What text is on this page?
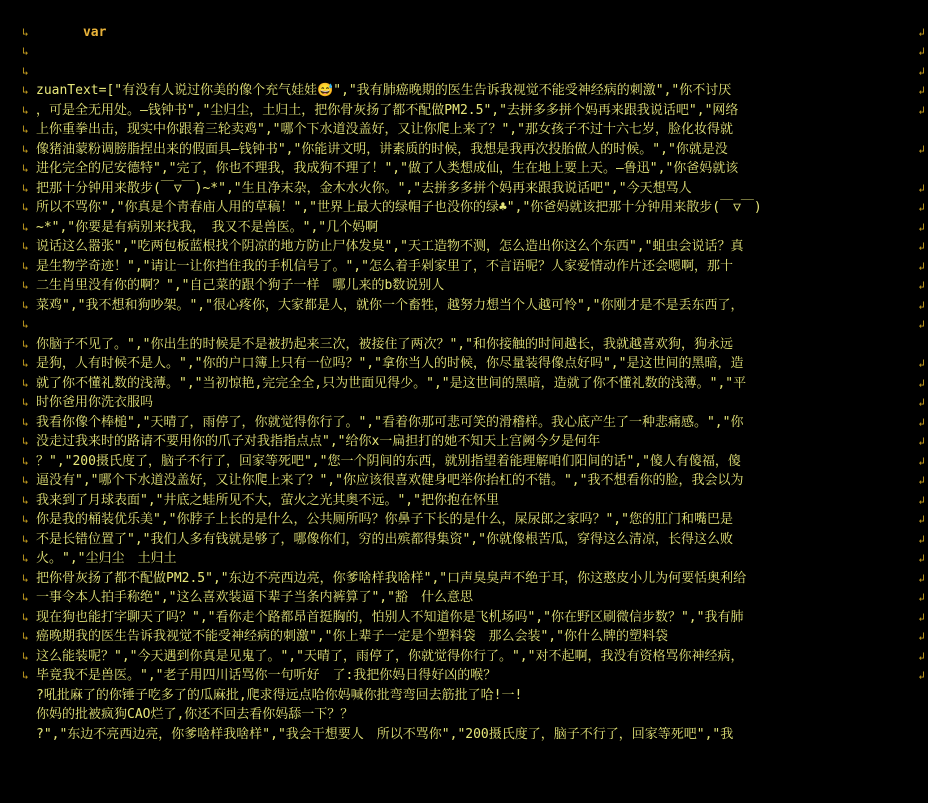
var

↳

zuanText=["有没有人说过你美的像个充气娃娃😅","我有肺癌晚期的医生告诉我视觉不能受神经病的刺激","你不讨厌

↲

↳

，可是全无用处。—钱钟书","尘归尘，土归土，把你骨灰扬了都不配做PM2.5","去拼多多拼个妈再来跟我说话吧","网络

↲

↳

上你重拳出击，现实中你跟着三轮卖鸡","哪个下水道没盖好，又让你爬上来了？","那女孩子不过十六七岁，脸化妆得就

↲

↳

像猪油蒙粉调膀脂捏出来的假面具—钱钟书","你能讲文明，讲素质的时候，我想是我再次投胎做人的时候。","你就是没

↲

↳

进化完全的尼安德特","完了，你也不理我，我成狗不理了！","做了人类想成仙，生在地上要上天。—鲁迅","你爸妈就该

↲

↳

把那十分钟用来散步(￣▽￣)~*","生且净末杂，金木水火你。","去拼多多拼个妈再来跟我说话吧","今天想骂人

↳

所以不骂你","你真是个靑春庙人用的草稿！","世界上最大的绿帽子也没你的绿♣","你爸妈就该把那十分钟用来散步(￣▽￣)

↲

↳

~*","你要是有病别来找我，　我又不是兽医。","几个妈啊

↳

说话这么嚣张","吃两包板蓝根找个阴凉的地方防止尸体发臭","天工造物不测，怎么造出你这么个东西","蛆虫会说话？真

↲

↳

是生物学奇迹！","请让一让你挡住我的手机信号了。","怎么着手剁家里了，不言语呢？人家爱情动作片还会嗯啊，那十

↲

↳

二生肖里没有你的啊？","自己菜的跟个狗子一样　哪儿来的b数说别人

↲

↳

菜鸡","我不想和狗吵架。","很心疼你，大家都是人，就你一个畜牲，越努力想当个人越可怜","你刚才是不是丢东西了，

↲

↳

	↲

↳

你脑子不见了。","你出生的时候是不是被扔起来三次，被接住了两次？","和你接触的时间越长，我就越喜欢狗，狗永远

↲

↳

是狗，人有时候不是人。","你的户口簿上只有一位吗？","拿你当人的时候，你尽量装得像点好吗","是这世间的黑暗，造

↲

↳

就了你不懂礼数的浅薄。","当初惊艳,完完全全,只为世面见得少。","是这世间的黑暗，造就了你不懂礼数的浅薄。","平

↲

↳

时你爸用你洗衣服吗

↳

我看你像个棒槌","天晴了，雨停了，你就觉得你行了。","看着你那可悲可笑的滑稽样。我心底产生了一种悲痛感。","你

↲

↳

没走过我来时的路请不要用你的爪子对我指指点点","给你x一扁担打的她不知天上宫阙今夕是何年

↲

↳

？","200摄氏度了，脑子不行了，回家等死吧","您一个阴间的东西，就别指望着能理解咱们阳间的话","傻人有傻福，傻

↲

↳

逼没有","哪个下水道没盖好，又让你爬上来了？","你应该很喜欢健身吧举你抬杠的不错。","我不想看你的脸，我会以为

↲

↳

我来到了月球表面","井底之蛙所见不大，萤火之光其奥不远。","把你抱在怀里

↲

↳

你是我的桶装优乐美","你脖子上长的是什么，公共厕所吗？你鼻子下长的是什么，屎尿郎之家吗？","您的肛门和嘴巴是

↲

↳

不是长错位置了","我们人多有钱就是够了，哪像你们，穷的出殡都得集资","你就像根苦瓜，穿得这么清凉，长得这么败

↲

↳

火。","尘归尘　土归土

↲

↳

把你骨灰扬了都不配做PM2.5","东边不亮西边亮，你爹啥样我啥样","口声臭臭声不绝于耳，你这憨皮小儿为何要恬奥利给

↲

↳

一事令本人拍手称绝","这么喜欢装逼下辈子当条内裤算了","豁　什么意思

↲

↳

现在狗也能打字聊天了吗？","看你走个路都昂首挺胸的，怕别人不知道你是飞机场吗","你在野区刷微信步数？","我有肺

↲

↳

癌晚期我的医生告诉我视觉不能受神经病的刺激","你上辈子一定是个塑料袋　那么会装","你什么牌的塑料袋

↲

↳

这么能装呢？","今天遇到你真是见鬼了。","天晴了，雨停了，你就觉得你行了。","对不起啊，我没有资格骂你神经病，

↲

↳

毕竟我不是兽医。","老子用四川话骂你一句听好　了:我把你妈日得好凶的喉？

↲

↳

?吼批麻了的你锤子吃多了的瓜麻批,爬求得远点哈你妈喊你批弯弯回去筋批了哈!一!

↲

↳

你妈的批被疯狗CAO烂了,你还不回去看你妈舔一下？？

↲

↳

?","东边不亮西边亮，你爹啥样我啥样","我会干想要人　所以不骂你","200摄氏度了，脑子不行了，回家等死吧","我

↲
